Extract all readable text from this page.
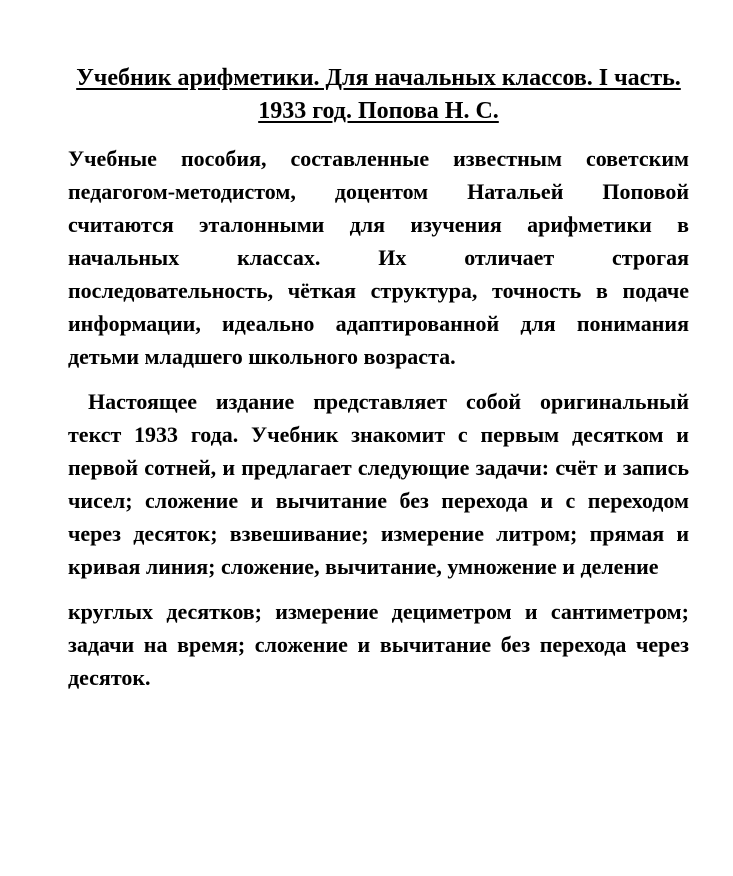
Учебник арифметики. Для начальных классов. I часть. 1933 год. Попова Н. С.

Учебные пособия, составленные известным советским педагогом-методистом, доцентом Натальей Поповой считаются эталонными для изучения арифметики в начальных классах. Их отличает строгая последовательность, чёткая структура, точность в подаче информации, идеально адаптированной для понимания детьми младшего школьного возраста.

Настоящее издание представляет собой оригинальный текст 1933 года. Учебник знакомит с первым десятком и первой сотней, и предлагает следующие задачи: счёт и запись чисел; сложение и вычитание без перехода и с переходом через десяток; взвешивание; измерение литром; прямая и кривая линия; сложение, вычитание, умножение и деление

круглых десятков; измерение дециметром и сантиметром; задачи на время; сложение и вычитание без перехода через десяток.
